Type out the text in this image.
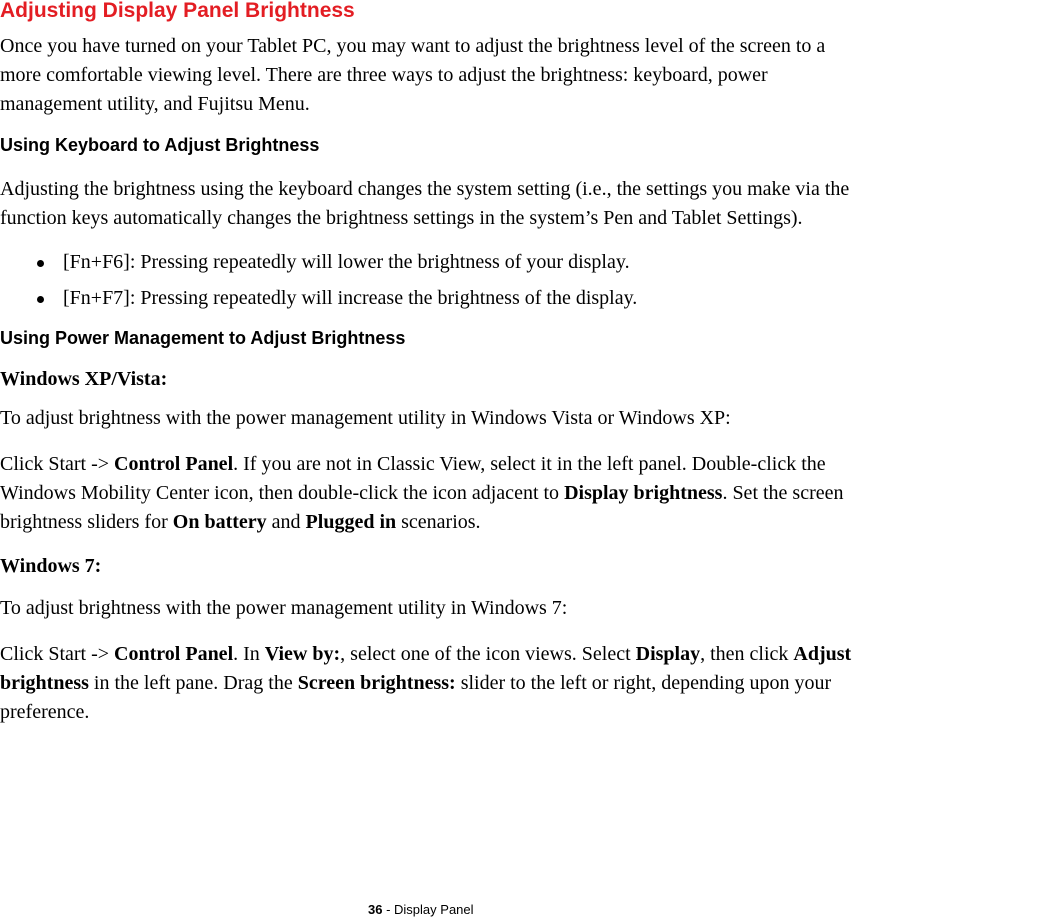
Adjusting Display Panel Brightness

Once you have turned on your Tablet PC, you may want to adjust the brightness level of the screen to a
more comfortable viewing level. There are three ways to adjust the brightness: keyboard, power
management utility, and Fujitsu Menu.

Using Keyboard to Adjust Brightness

Adjusting the brightness using the keyboard changes the system setting (i.e., the settings you make via the
function keys automatically changes the brightness settings in the system’s Pen and Tablet Settings).

[Fn+F6]: Pressing repeatedly will lower the brightness of your display.
[Fn+F7]: Pressing repeatedly will increase the brightness of the display.
Using Power Management to Adjust Brightness

Windows XP/Vista:

To adjust brightness with the power management utility in Windows Vista or Windows XP:

Click Start -> Control Panel. If you are not in Classic View, select it in the left panel. Double-click the
Windows Mobility Center icon, then double-click the icon adjacent to Display brightness. Set the screen
brightness sliders for On battery and Plugged in scenarios.

Windows 7:

To adjust brightness with the power management utility in Windows 7:

Click Start -> Control Panel. In View by:, select one of the icon views. Select Display, then click Adjust
brightness in the left pane. Drag the Screen brightness: slider to the left or right, depending upon your
preference.

36 - Display Panel
